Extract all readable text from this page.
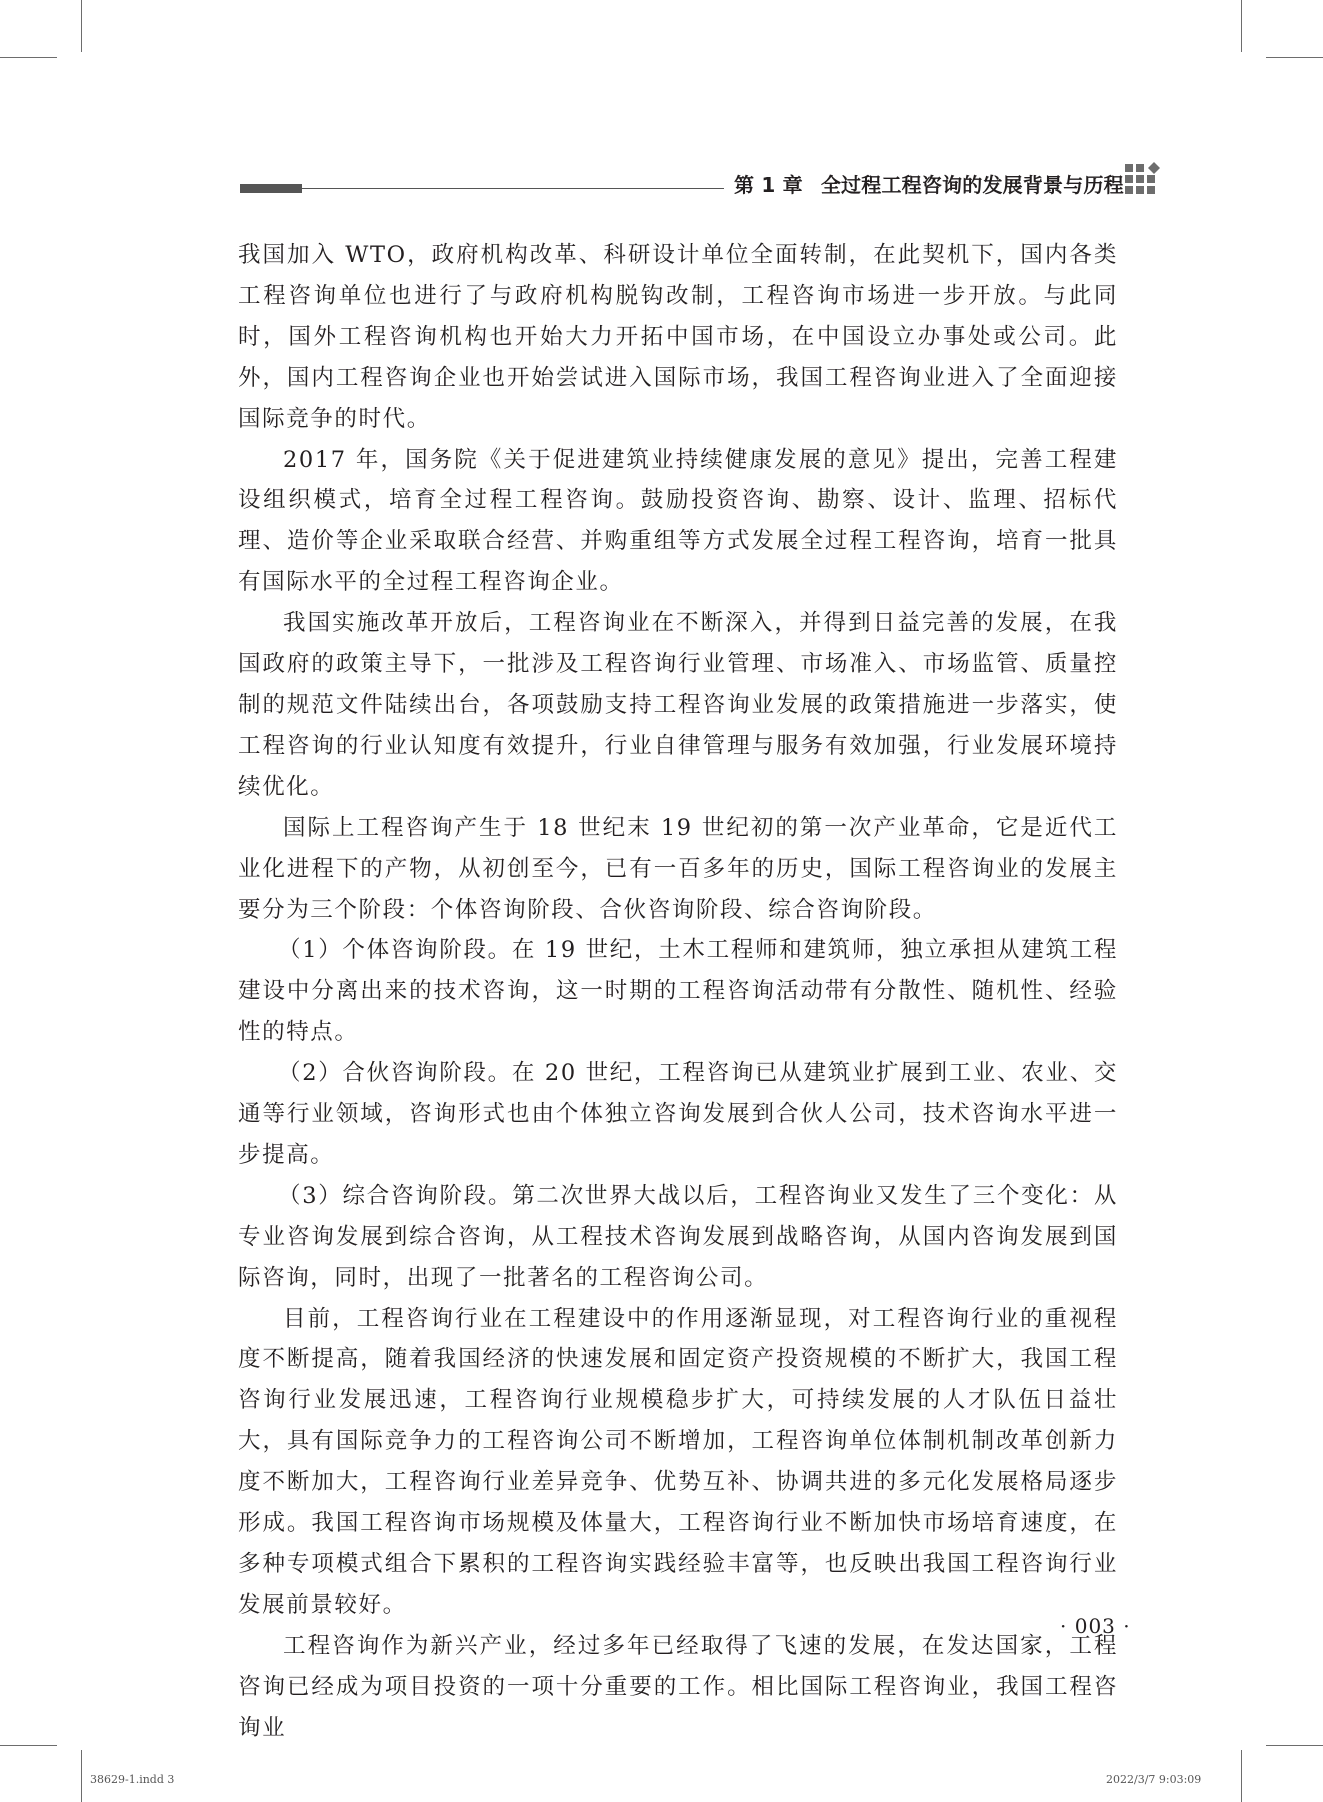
第 1 章 全过程工程咨询的发展背景与历程

我国加入 WTO，政府机构改革、科研设计单位全面转制，在此契机下，国内各类工程咨询单位也进行了与政府机构脱钩改制，工程咨询市场进一步开放。与此同时，国外工程咨询机构也开始大力开拓中国市场，在中国设立办事处或公司。此外，国内工程咨询企业也开始尝试进入国际市场，我国工程咨询业进入了全面迎接国际竞争的时代。

2017 年，国务院《关于促进建筑业持续健康发展的意见》提出，完善工程建设组织模式，培育全过程工程咨询。鼓励投资咨询、勘察、设计、监理、招标代理、造价等企业采取联合经营、并购重组等方式发展全过程工程咨询，培育一批具有国际水平的全过程工程咨询企业。

我国实施改革开放后，工程咨询业在不断深入，并得到日益完善的发展，在我国政府的政策主导下，一批涉及工程咨询行业管理、市场准入、市场监管、质量控制的规范文件陆续出台，各项鼓励支持工程咨询业发展的政策措施进一步落实，使工程咨询的行业认知度有效提升，行业自律管理与服务有效加强，行业发展环境持续优化。

国际上工程咨询产生于 18 世纪末 19 世纪初的第一次产业革命，它是近代工业化进程下的产物，从初创至今，已有一百多年的历史，国际工程咨询业的发展主要分为三个阶段：个体咨询阶段、合伙咨询阶段、综合咨询阶段。

（1）个体咨询阶段。在 19 世纪，土木工程师和建筑师，独立承担从建筑工程建设中分离出来的技术咨询，这一时期的工程咨询活动带有分散性、随机性、经验性的特点。

（2）合伙咨询阶段。在 20 世纪，工程咨询已从建筑业扩展到工业、农业、交通等行业领域，咨询形式也由个体独立咨询发展到合伙人公司，技术咨询水平进一步提高。

（3）综合咨询阶段。第二次世界大战以后，工程咨询业又发生了三个变化：从专业咨询发展到综合咨询，从工程技术咨询发展到战略咨询，从国内咨询发展到国际咨询，同时，出现了一批著名的工程咨询公司。

目前，工程咨询行业在工程建设中的作用逐渐显现，对工程咨询行业的重视程度不断提高，随着我国经济的快速发展和固定资产投资规模的不断扩大，我国工程咨询行业发展迅速，工程咨询行业规模稳步扩大，可持续发展的人才队伍日益壮大，具有国际竞争力的工程咨询公司不断增加，工程咨询单位体制机制改革创新力度不断加大，工程咨询行业差异竞争、优势互补、协调共进的多元化发展格局逐步形成。我国工程咨询市场规模及体量大，工程咨询行业不断加快市场培育速度，在多种专项模式组合下累积的工程咨询实践经验丰富等，也反映出我国工程咨询行业发展前景较好。

工程咨询作为新兴产业，经过多年已经取得了飞速的发展，在发达国家，工程咨询已经成为项目投资的一项十分重要的工作。相比国际工程咨询业，我国工程咨询业

· 003 ·
38629-1.indd 3	2022/3/7 9:03:09
